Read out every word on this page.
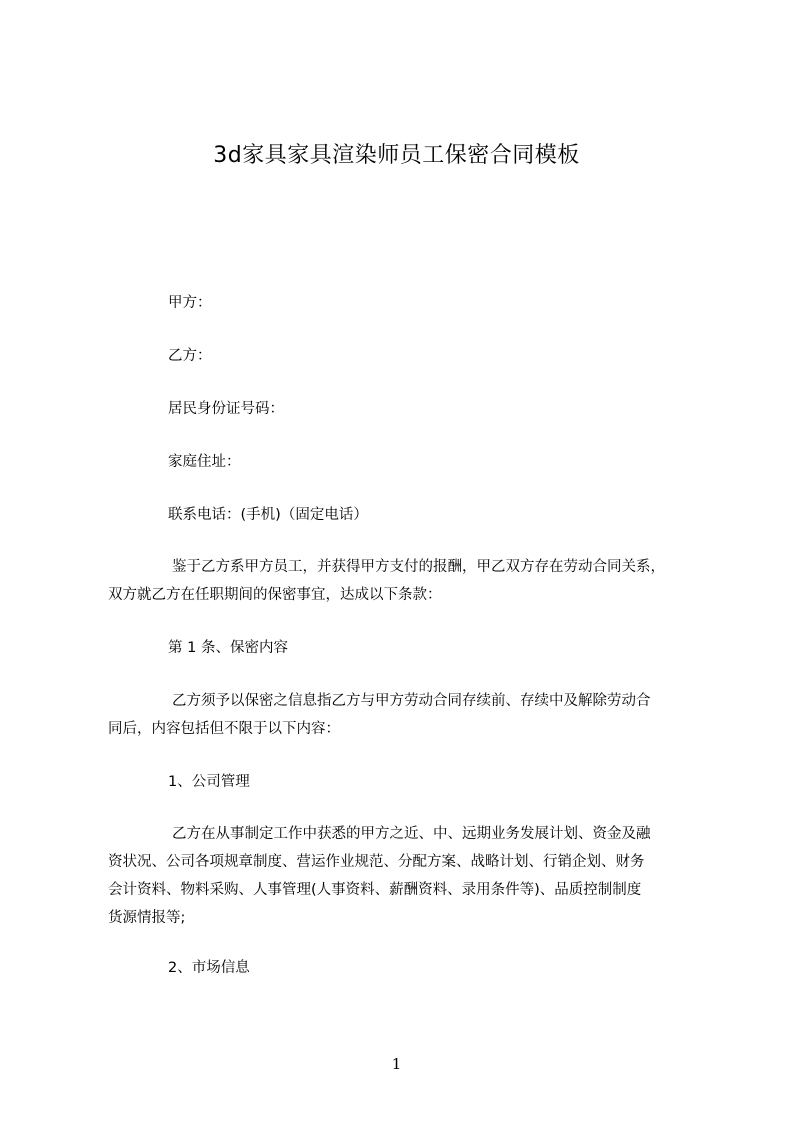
3d家具家具渲染师员工保密合同模板
甲方：
乙方：
居民身份证号码：
家庭住址：
联系电话：(手机)（固定电话）
鉴于乙方系甲方员工，并获得甲方支付的报酬，甲乙双方存在劳动合同关系，
双方就乙方在任职期间的保密事宜，达成以下条款：
第 1 条、保密内容
乙方须予以保密之信息指乙方与甲方劳动合同存续前、存续中及解除劳动合
同后，内容包括但不限于以下内容：
1、公司管理
乙方在从事制定工作中获悉的甲方之近、中、远期业务发展计划、资金及融
资状况、公司各项规章制度、营运作业规范、分配方案、战略计划、行销企划、财务
会计资料、物料采购、人事管理(人事资料、薪酬资料、录用条件等)、品质控制制度
货源情报等;
2、市场信息
1
